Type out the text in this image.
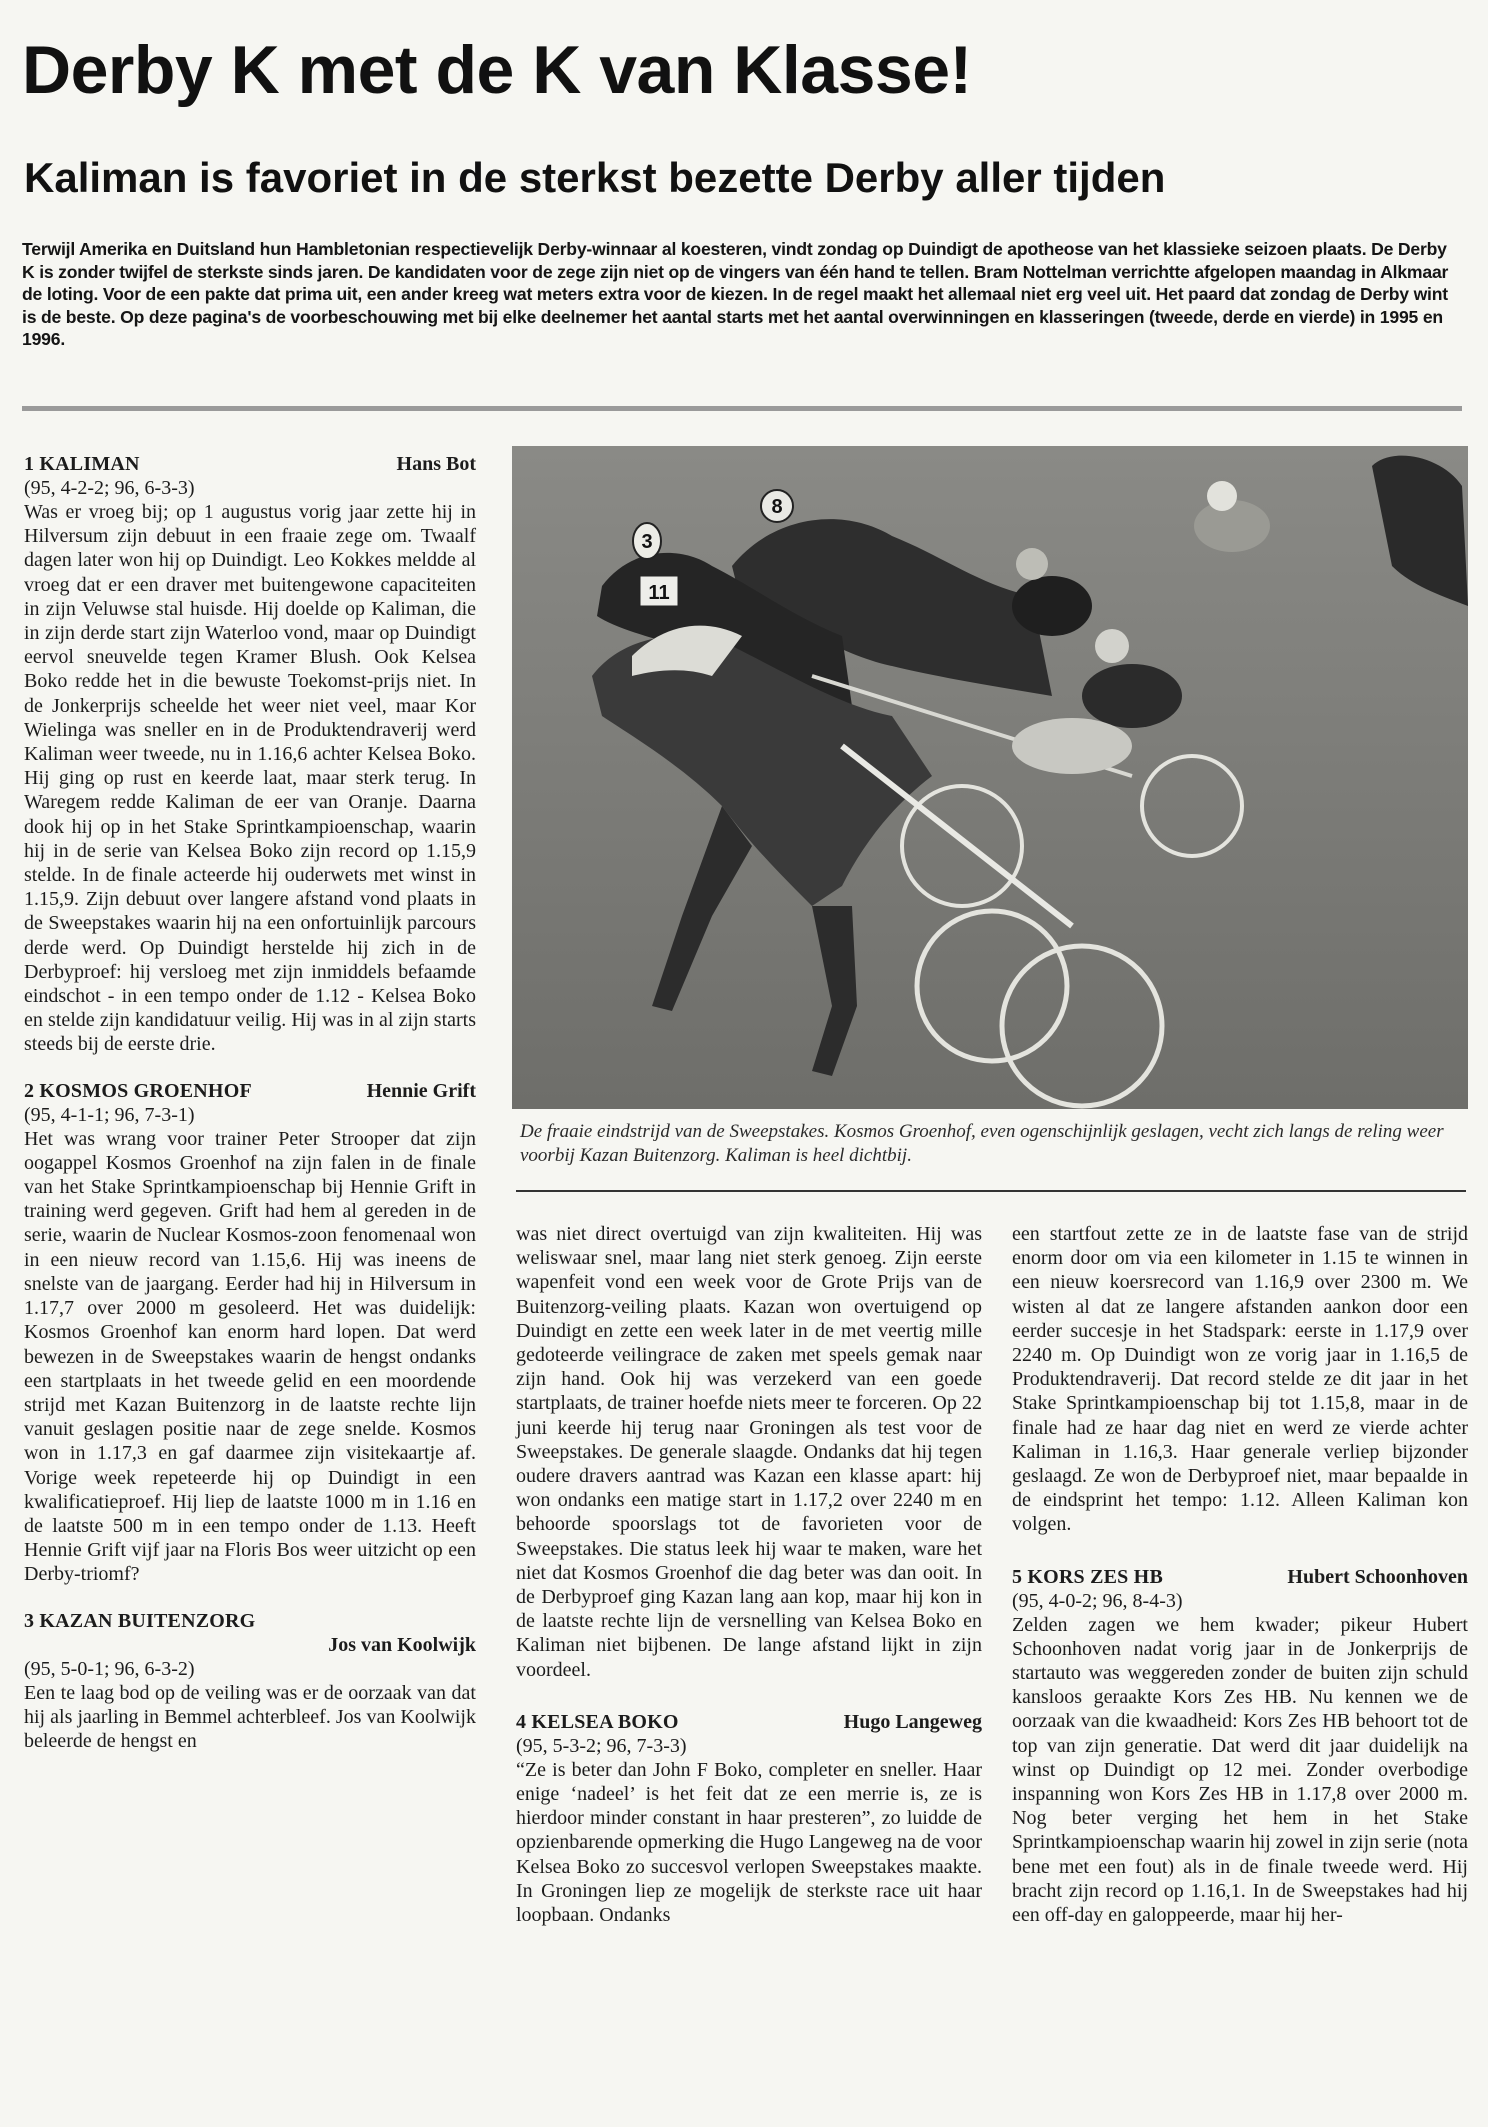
Derby K met de K van Klasse!
Kaliman is favoriet in de sterkst bezette Derby aller tijden

Terwijl Amerika en Duitsland hun Hambletonian respectievelijk Derby-winnaar al koesteren, vindt zondag op Duindigt de apotheose van het klassieke seizoen plaats. De Derby K is zonder twijfel de sterkste sinds jaren. De kandidaten voor de zege zijn niet op de vingers van één hand te tellen. Bram Nottelman verrichtte afgelopen maandag in Alkmaar de loting. Voor de een pakte dat prima uit, een ander kreeg wat meters extra voor de kiezen. In de regel maakt het allemaal niet erg veel uit. Het paard dat zondag de Derby wint is de beste. Op deze pagina's de voorbeschouwing met bij elke deelnemer het aantal starts met het aantal overwinningen en klasseringen (tweede, derde en vierde) in 1995 en 1996.

1 KALIMAN	Hans Bot
(95, 4-2-2; 96, 6-3-3)

Was er vroeg bij; op 1 augustus vorig jaar zette hij in Hilversum zijn debuut in een fraaie zege om. Twaalf dagen later won hij op Duindigt. Leo Kokkes meldde al vroeg dat er een draver met buitengewone capaciteiten in zijn Veluwse stal huisde. Hij doelde op Kaliman, die in zijn derde start zijn Waterloo vond, maar op Duindigt eervol sneuvelde tegen Kramer Blush. Ook Kelsea Boko redde het in die bewuste Toekomst-prijs niet. In de Jonkerprijs scheelde het weer niet veel, maar Kor Wielinga was sneller en in de Produktendraverij werd Kaliman weer tweede, nu in 1.16,6 achter Kelsea Boko. Hij ging op rust en keerde laat, maar sterk terug. In Waregem redde Kaliman de eer van Oranje. Daarna dook hij op in het Stake Sprintkampioenschap, waarin hij in de serie van Kelsea Boko zijn record op 1.15,9 stelde. In de finale acteerde hij ouderwets met winst in 1.15,9. Zijn debuut over langere afstand vond plaats in de Sweepstakes waarin hij na een onfortuinlijk parcours derde werd. Op Duindigt herstelde hij zich in de Derbyproef: hij versloeg met zijn inmiddels befaamde eindschot - in een tempo onder de 1.12 - Kelsea Boko en stelde zijn kandidatuur veilig. Hij was in al zijn starts steeds bij de eerste drie.

2 KOSMOS GROENHOF	Hennie Grift
(95, 4-1-1; 96, 7-3-1)

Het was wrang voor trainer Peter Strooper dat zijn oogappel Kosmos Groenhof na zijn falen in de finale van het Stake Sprintkampioenschap bij Hennie Grift in training werd gegeven. Grift had hem al gereden in de serie, waarin de Nuclear Kosmos-zoon fenomenaal won in een nieuw record van 1.15,6. Hij was ineens de snelste van de jaargang. Eerder had hij in Hilversum in 1.17,7 over 2000 m gesoleerd. Het was duidelijk: Kosmos Groenhof kan enorm hard lopen. Dat werd bewezen in de Sweepstakes waarin de hengst ondanks een startplaats in het tweede gelid en een moordende strijd met Kazan Buitenzorg in de laatste rechte lijn vanuit geslagen positie naar de zege snelde. Kosmos won in 1.17,3 en gaf daarmee zijn visitekaartje af. Vorige week repeteerde hij op Duindigt in een kwalificatieproef. Hij liep de laatste 1000 m in 1.16 en de laatste 500 m in een tempo onder de 1.13. Heeft Hennie Grift vijf jaar na Floris Bos weer uitzicht op een Derby-triomf?

3 KAZAN BUITENZORG
Jos van Koolwijk
(95, 5-0-1; 96, 6-3-2)

Een te laag bod op de veiling was er de oorzaak van dat hij als jaarling in Bemmel achterbleef. Jos van Koolwijk beleerde de hengst en

8
3
11

De fraaie eindstrijd van de Sweepstakes. Kosmos Groenhof, even ogenschijnlijk geslagen, vecht zich langs de reling weer voorbij Kazan Buitenzorg. Kaliman is heel dichtbij.

was niet direct overtuigd van zijn kwaliteiten. Hij was weliswaar snel, maar lang niet sterk genoeg. Zijn eerste wapenfeit vond een week voor de Grote Prijs van de Buitenzorg-veiling plaats. Kazan won overtuigend op Duindigt en zette een week later in de met veertig mille gedoteerde veilingrace de zaken met speels gemak naar zijn hand. Ook hij was verzekerd van een goede startplaats, de trainer hoefde niets meer te forceren. Op 22 juni keerde hij terug naar Groningen als test voor de Sweepstakes. De generale slaagde. Ondanks dat hij tegen oudere dravers aantrad was Kazan een klasse apart: hij won ondanks een matige start in 1.17,2 over 2240 m en behoorde spoorslags tot de favorieten voor de Sweepstakes. Die status leek hij waar te maken, ware het niet dat Kosmos Groenhof die dag beter was dan ooit. In de Derbyproef ging Kazan lang aan kop, maar hij kon in de laatste rechte lijn de versnelling van Kelsea Boko en Kaliman niet bijbenen. De lange afstand lijkt in zijn voordeel.

4 KELSEA BOKO	Hugo Langeweg
(95, 5-3-2; 96, 7-3-3)

“Ze is beter dan John F Boko, completer en sneller. Haar enige ‘nadeel’ is het feit dat ze een merrie is, ze is hierdoor minder constant in haar presteren”, zo luidde de opzienbarende opmerking die Hugo Langeweg na de voor Kelsea Boko zo succesvol verlopen Sweepstakes maakte. In Groningen liep ze mogelijk de sterkste race uit haar loopbaan. Ondanks

een startfout zette ze in de laatste fase van de strijd enorm door om via een kilometer in 1.15 te winnen in een nieuw koersrecord van 1.16,9 over 2300 m. We wisten al dat ze langere afstanden aankon door een eerder succesje in het Stadspark: eerste in 1.17,9 over 2240 m. Op Duindigt won ze vorig jaar in 1.16,5 de Produktendraverij. Dat record stelde ze dit jaar in het Stake Sprintkampioenschap bij tot 1.15,8, maar in de finale had ze haar dag niet en werd ze vierde achter Kaliman in 1.16,3. Haar generale verliep bijzonder geslaagd. Ze won de Derbyproef niet, maar bepaalde in de eindsprint het tempo: 1.12. Alleen Kaliman kon volgen.

5 KORS ZES HB	Hubert Schoonhoven
(95, 4-0-2; 96, 8-4-3)

Zelden zagen we hem kwader; pikeur Hubert Schoonhoven nadat vorig jaar in de Jonkerprijs de startauto was weggereden zonder de buiten zijn schuld kansloos geraakte Kors Zes HB. Nu kennen we de oorzaak van die kwaadheid: Kors Zes HB behoort tot de top van zijn generatie. Dat werd dit jaar duidelijk na winst op Duindigt op 12 mei. Zonder overbodige inspanning won Kors Zes HB in 1.17,8 over 2000 m. Nog beter verging het hem in het Stake Sprintkampioenschap waarin hij zowel in zijn serie (nota bene met een fout) als in de finale tweede werd. Hij bracht zijn record op 1.16,1. In de Sweepstakes had hij een off-day en galoppeerde, maar hij her-
